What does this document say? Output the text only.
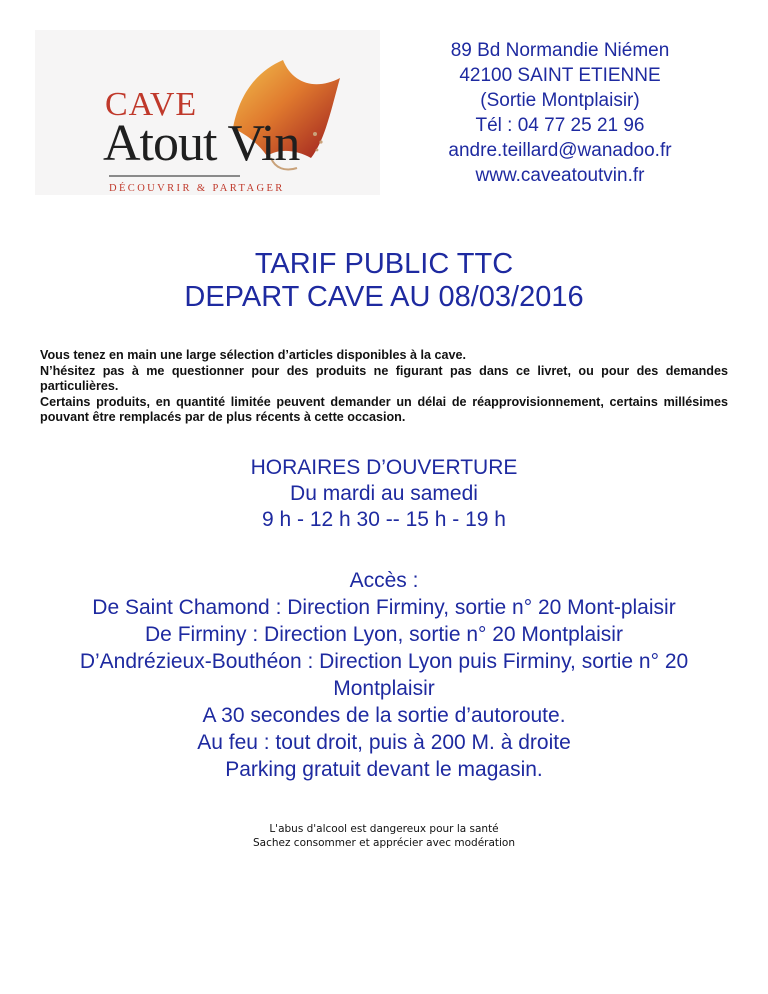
CAVE
Atout Vin
DÉCOUVRIR & PARTAGER
89 Bd Normandie Niémen
42100 SAINT ETIENNE
(Sortie Montplaisir)
Tél : 04 77 25 21 96
andre.teillard@wanadoo.fr
www.caveatoutvin.fr
TARIF PUBLIC TTC
DEPART CAVE AU 08/03/2016

Vous tenez en main une large sélection d’articles disponibles à la cave.

N’hésitez pas à me questionner pour des produits ne figurant pas dans ce livret, ou pour des demandes particulières.

Certains produits, en quantité limitée peuvent demander un délai de réapprovisionnement, certains millésimes pouvant être remplacés par de plus récents à cette occasion.

HORAIRES D’OUVERTURE
Du mardi au samedi
9 h - 12 h 30 -- 15 h - 19 h
Accès :
De Saint Chamond : Direction Firminy, sortie n° 20 Mont-plaisir
De Firminy : Direction Lyon, sortie n° 20 Montplaisir
D’Andrézieux-Bouthéon : Direction Lyon puis Firminy, sortie n° 20 Montplaisir
A 30 secondes de la sortie d’autoroute.
Au feu : tout droit, puis à 200 M. à droite
Parking gratuit devant le magasin.
L'abus d'alcool est dangereux pour la santé
Sachez consommer et apprécier avec modération
